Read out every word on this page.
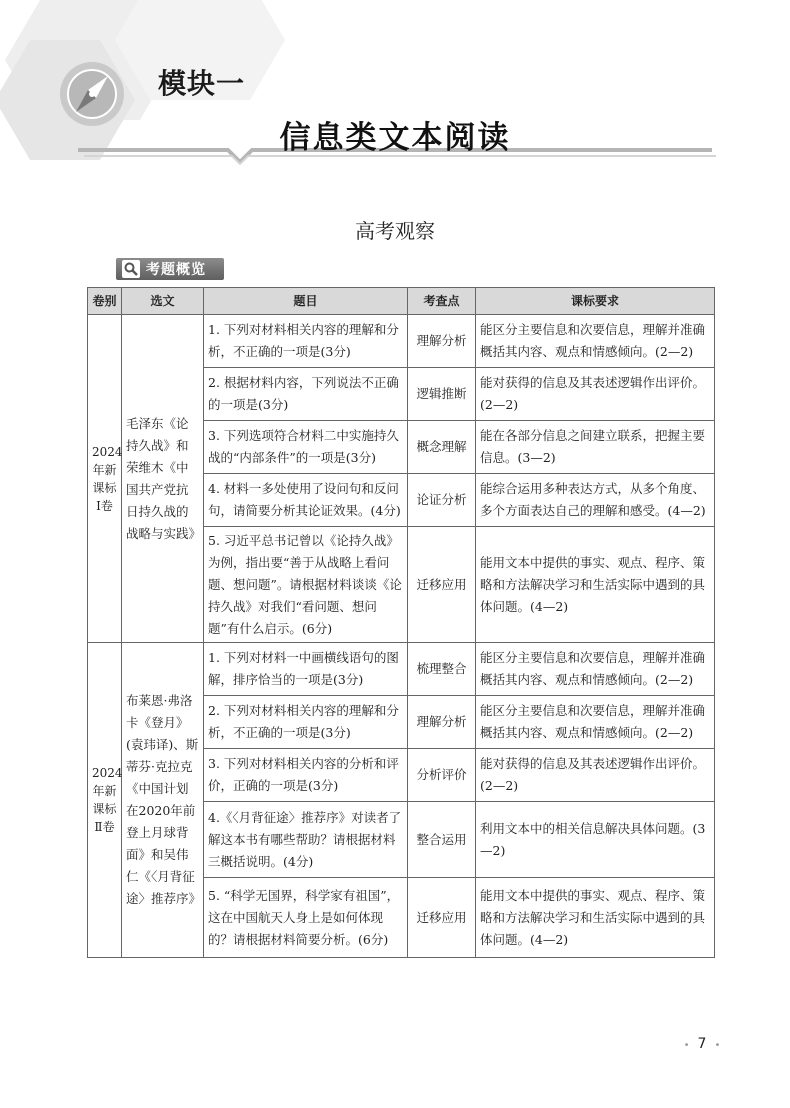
模块一
信息类文本阅读
高考观察
考题概览
卷别	选文	题目	考查点	课标要求
2024年新课标Ⅰ卷	毛泽东《论持久战》和荣维木《中国共产党抗日持久战的战略与实践》	1. 下列对材料相关内容的理解和分析，不正确的一项是(3分)	理解分析	能区分主要信息和次要信息，理解并准确概括其内容、观点和情感倾向。(2—2)
		2. 根据材料内容，下列说法不正确的一项是(3分)	逻辑推断	能对获得的信息及其表述逻辑作出评价。(2—2)
		3. 下列选项符合材料二中实施持久战的“内部条件”的一项是(3分)	概念理解	能在各部分信息之间建立联系，把握主要信息。(3—2)
		4. 材料一多处使用了设问句和反问句，请简要分析其论证效果。(4分)	论证分析	能综合运用多种表达方式，从多个角度、多个方面表达自己的理解和感受。(4—2)
		5. 习近平总书记曾以《论持久战》为例，指出要“善于从战略上看问题、想问题”。请根据材料谈谈《论持久战》对我们“看问题、想问题”有什么启示。(6分)	迁移应用	能用文本中提供的事实、观点、程序、策略和方法解决学习和生活实际中遇到的具体问题。(4—2)
2024年新课标Ⅱ卷	布莱恩·弗洛卡《登月》(袁玮译)、斯蒂芬·克拉克《中国计划在2020年前登上月球背面》和吴伟仁《〈月背征途〉推荐序》	1. 下列对材料一中画横线语句的图解，排序恰当的一项是(3分)	梳理整合	能区分主要信息和次要信息，理解并准确概括其内容、观点和情感倾向。(2—2)
		2. 下列对材料相关内容的理解和分析，不正确的一项是(3分)	理解分析	能区分主要信息和次要信息，理解并准确概括其内容、观点和情感倾向。(2—2)
		3. 下列对材料相关内容的分析和评价，正确的一项是(3分)	分析评价	能对获得的信息及其表述逻辑作出评价。(2—2)
		4.《〈月背征途〉推荐序》对读者了解这本书有哪些帮助？请根据材料三概括说明。(4分)	整合运用	利用文本中的相关信息解决具体问题。(3—2)
		5. “科学无国界，科学家有祖国”，这在中国航天人身上是如何体现的？请根据材料简要分析。(6分)	迁移应用	能用文本中提供的事实、观点、程序、策略和方法解决学习和生活实际中遇到的具体问题。(4—2)
• 7 •
